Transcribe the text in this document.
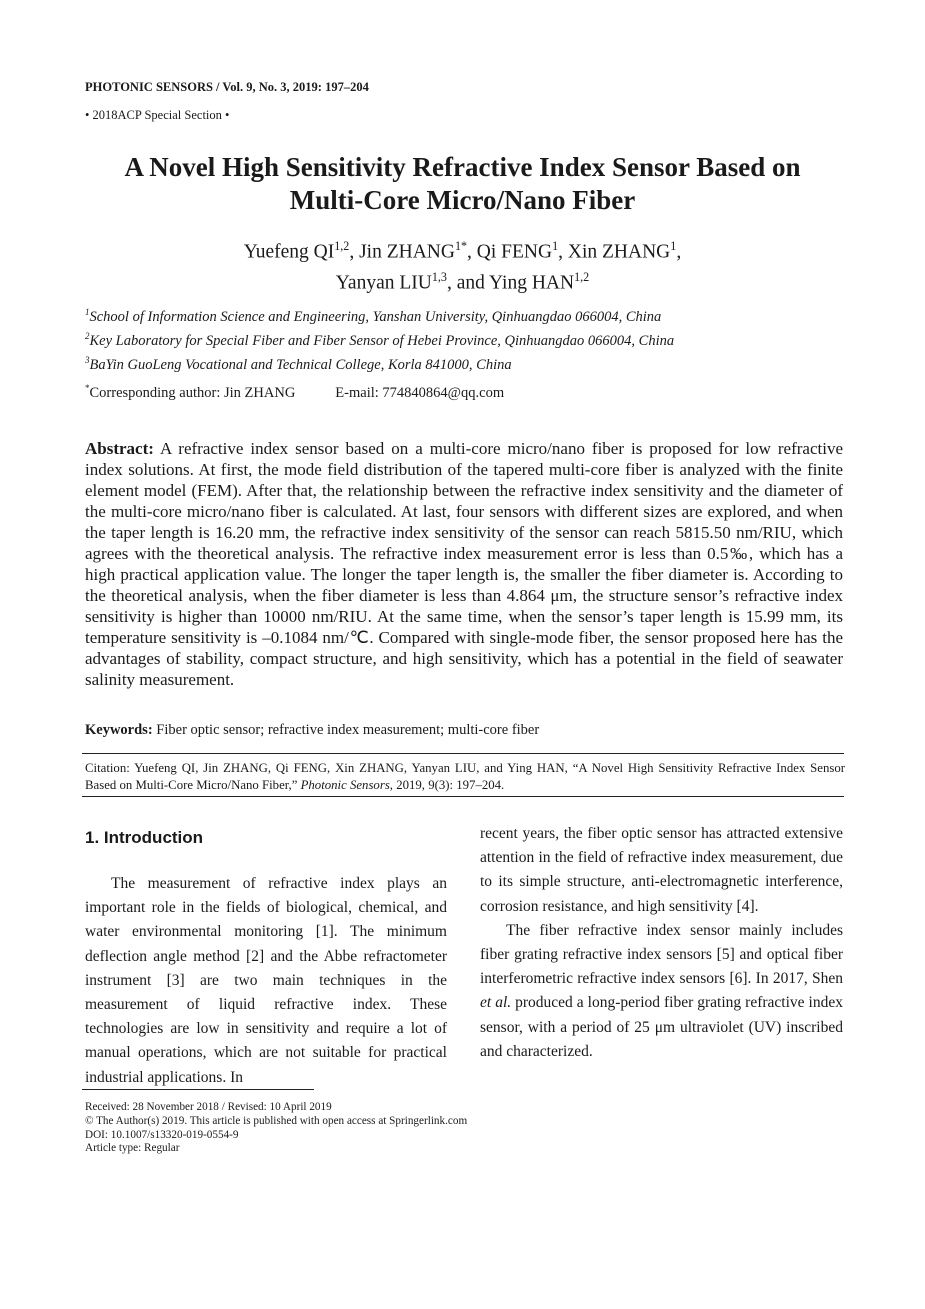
PHOTONIC SENSORS / Vol. 9, No. 3, 2019: 197–204
• 2018ACP Special Section •
A Novel High Sensitivity Refractive Index Sensor Based on
Multi-Core Micro/Nano Fiber
Yuefeng QI$^{1,2}$, Jin $ZHANG^{1*}$, Qi FENG$^1$, Xin ZHANG$^1$,
Yanyan LIU$^{1,3}$, and Ying HAN$^{1,2}$
$^1$School of Information Science and Engineering, Yanshan University, Qinhuangdao 066004, China
$^2$Key Laboratory for Special Fiber and Fiber Sensor of Hebei Province, Qinhuangdao 066004, China
$^3$BaYin GuoLeng Vocational and Technical College, Korla 841000, China
*Corresponding author: Jin ZHANG	E-mail: 774840864@qq.com
Abstract: A refractive index sensor based on a multi-core micro/nano fiber is proposed for low refractive index solutions. At first, the mode field distribution of the tapered multi-core fiber is analyzed with the finite element model (FEM). After that, the relationship between the refractive index sensitivity and the diameter of the multi-core micro/nano fiber is calculated. At last, four sensors with different sizes are explored, and when the taper length is 16.20 mm, the refractive index sensitivity of the sensor can reach 5815.50 nm/RIU, which agrees with the theoretical analysis. The refractive index measurement error is less than 0.5‰, which has a high practical application value. The longer the taper length is, the smaller the fiber diameter is. According to the theoretical analysis, when the fiber diameter is less than 4.864 μm, the structure sensor’s refractive index sensitivity is higher than 10000 nm/RIU. At the same time, when the sensor’s taper length is 15.99 mm, its temperature sensitivity is –0.1084 nm/℃. Compared with single-mode fiber, the sensor proposed here has the advantages of stability, compact structure, and high sensitivity, which has a potential in the field of seawater salinity measurement.
Keywords: Fiber optic sensor; refractive index measurement; multi-core fiber
Citation: Yuefeng QI, Jin ZHANG, Qi FENG, Xin ZHANG, Yanyan LIU, and Ying HAN, “A Novel High Sensitivity Refractive Index Sensor Based on Multi-Core Micro/Nano Fiber,” Photonic Sensors, 2019, 9(3): 197–204.
1. Introduction

The measurement of refractive index plays an important role in the fields of biological, chemical, and water environmental monitoring [1]. The minimum deflection angle method [2] and the Abbe refractometer instrument [3] are two main techniques in the measurement of liquid refractive index. These technologies are low in sensitivity and require a lot of manual operations, which are not suitable for practical industrial applications. In

recent years, the fiber optic sensor has attracted extensive attention in the field of refractive index measurement, due to its simple structure, anti-electromagnetic interference, corrosion resistance, and high sensitivity [4].

The fiber refractive index sensor mainly includes fiber grating refractive index sensors [5] and optical fiber interferometric refractive index sensors [6]. In 2017, Shen et al. produced a long-period fiber grating refractive index sensor, with a period of 25 μm ultraviolet (UV) inscribed and characterized.

Received: 28 November 2018 / Revised: 10 April 2019
© The Author(s) 2019. This article is published with open access at Springerlink.com
DOI: 10.1007/s13320-019-0554-9
Article type: Regular
